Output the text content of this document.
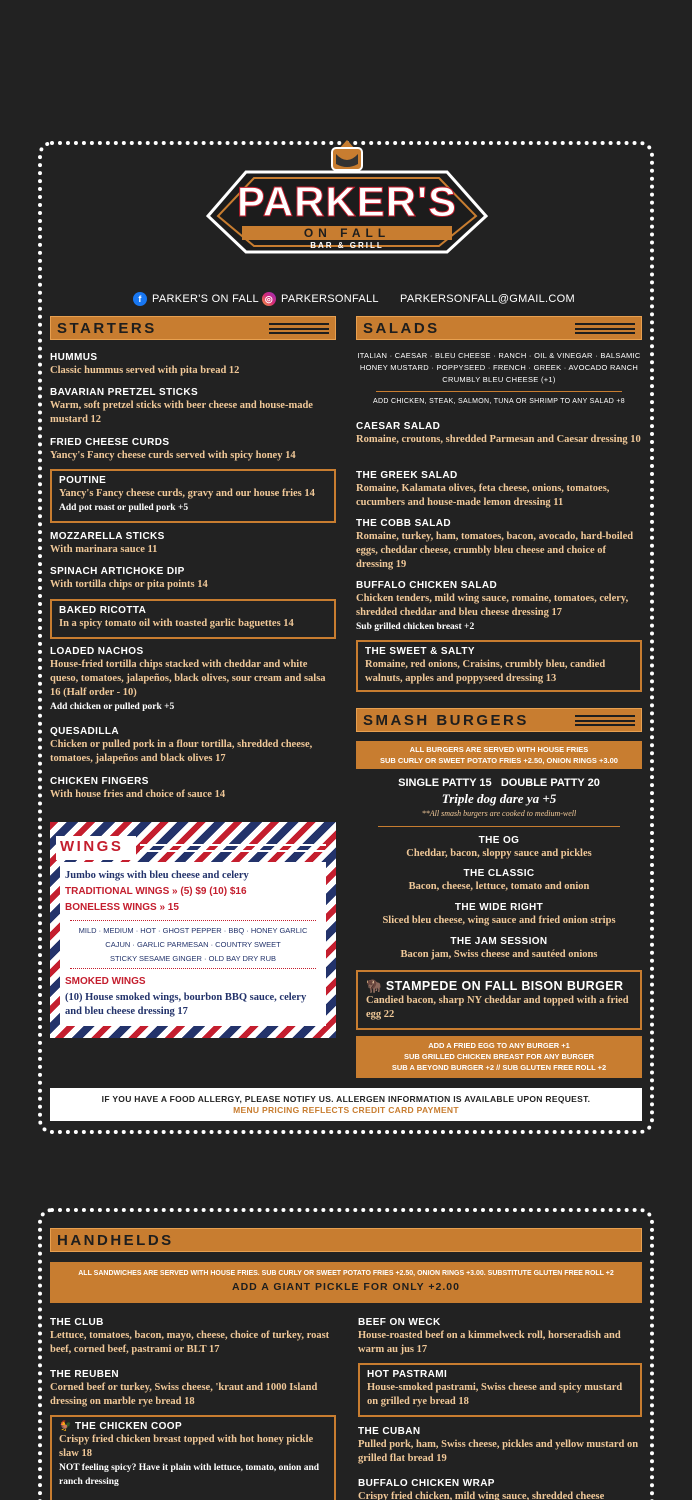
PARKER'S
ON FALL
BAR & GRILL
f PARKER'S ON FALL ◎ PARKERSONFALL PARKERSONFALL@GMAIL.COM
STARTERS
HUMMUS
Classic hummus served with pita bread 12
BAVARIAN PRETZEL STICKS
Warm, soft pretzel sticks with beer cheese and house-made mustard 12
FRIED CHEESE CURDS
Yancy's Fancy cheese curds served with spicy honey 14
POUTINE
Yancy's Fancy cheese curds, gravy and our house fries 14
Add pot roast or pulled pork +5
MOZZARELLA STICKS
With marinara sauce 11
SPINACH ARTICHOKE DIP
With tortilla chips or pita points 14
BAKED RICOTTA
In a spicy tomato oil with toasted garlic baguettes 14
LOADED NACHOS
House-fried tortilla chips stacked with cheddar and white queso, tomatoes, jalapeños, black olives, sour cream and salsa 16 (Half order - 10)
Add chicken or pulled pork +5
QUESADILLA
Chicken or pulled pork in a flour tortilla, shredded cheese, tomatoes, jalapeños and black olives 17
CHICKEN FINGERS
With house fries and choice of sauce 14
WINGS
Jumbo wings with bleu cheese and celery
TRADITIONAL WINGS » (5) $9 (10) $16
BONELESS WINGS » 15
MILD · MEDIUM · HOT · GHOST PEPPER · BBQ · HONEY GARLIC
CAJUN · GARLIC PARMESAN · COUNTRY SWEET
STICKY SESAME GINGER · OLD BAY DRY RUB
SMOKED WINGS
(10) House smoked wings, bourbon BBQ sauce, celery and bleu cheese dressing 17
SALADS
ITALIAN · CAESAR · BLEU CHEESE · RANCH · OIL & VINEGAR · BALSAMIC
HONEY MUSTARD · POPPYSEED · FRENCH · GREEK · AVOCADO RANCH
CRUMBLY BLEU CHEESE (+1)
ADD CHICKEN, STEAK, SALMON, TUNA OR SHRIMP TO ANY SALAD +8
CAESAR SALAD
Romaine, croutons, shredded Parmesan and Caesar dressing 10
THE GREEK SALAD
Romaine, Kalamata olives, feta cheese, onions, tomatoes, cucumbers and house-made lemon dressing 11
THE COBB SALAD
Romaine, turkey, ham, tomatoes, bacon, avocado, hard-boiled eggs, cheddar cheese, crumbly bleu cheese and choice of dressing 19
BUFFALO CHICKEN SALAD
Chicken tenders, mild wing sauce, romaine, tomatoes, celery, shredded cheddar and bleu cheese dressing 17
Sub grilled chicken breast +2
THE SWEET & SALTY
Romaine, red onions, Craisins, crumbly bleu, candied walnuts, apples and poppyseed dressing 13
SMASH BURGERS
ALL BURGERS ARE SERVED WITH HOUSE FRIES
SUB CURLY OR SWEET POTATO FRIES +2.50, ONION RINGS +3.00
SINGLE PATTY 15 DOUBLE PATTY 20
Triple dog dare ya +5
**All smash burgers are cooked to medium-well
THE OG
Cheddar, bacon, sloppy sauce and pickles
THE CLASSIC
Bacon, cheese, lettuce, tomato and onion
THE WIDE RIGHT
Sliced bleu cheese, wing sauce and fried onion strips
THE JAM SESSION
Bacon jam, Swiss cheese and sautéed onions
🦬 STAMPEDE ON FALL BISON BURGER
Candied bacon, sharp NY cheddar and topped with a fried egg 22
ADD A FRIED EGG TO ANY BURGER +1
SUB GRILLED CHICKEN BREAST FOR ANY BURGER
SUB A BEYOND BURGER +2 // SUB GLUTEN FREE ROLL +2
IF YOU HAVE A FOOD ALLERGY, PLEASE NOTIFY US. ALLERGEN INFORMATION IS AVAILABLE UPON REQUEST.
MENU PRICING REFLECTS CREDIT CARD PAYMENT
HANDHELDS
ALL SANDWICHES ARE SERVED WITH HOUSE FRIES. SUB CURLY OR SWEET POTATO FRIES +2.50, ONION RINGS +3.00. SUBSTITUTE GLUTEN FREE ROLL +2
ADD A GIANT PICKLE FOR ONLY +2.00
THE CLUB
Lettuce, tomatoes, bacon, mayo, cheese, choice of turkey, roast beef, corned beef, pastrami or BLT 17
THE REUBEN
Corned beef or turkey, Swiss cheese, 'kraut and 1000 Island dressing on marble rye bread 18
🐓 THE CHICKEN COOP
Crispy fried chicken breast topped with hot honey pickle slaw 18
NOT feeling spicy? Have it plain with lettuce, tomato, onion and ranch dressing
BEEF ON WECK
House-roasted beef on a kimmelweck roll, horseradish and warm au jus 17
HOT PASTRAMI
House-smoked pastrami, Swiss cheese and spicy mustard on grilled rye bread 18
THE CUBAN
Pulled pork, ham, Swiss cheese, pickles and yellow mustard on grilled flat bread 19
BUFFALO CHICKEN WRAP
Crispy fried chicken, mild wing sauce, shredded cheese
